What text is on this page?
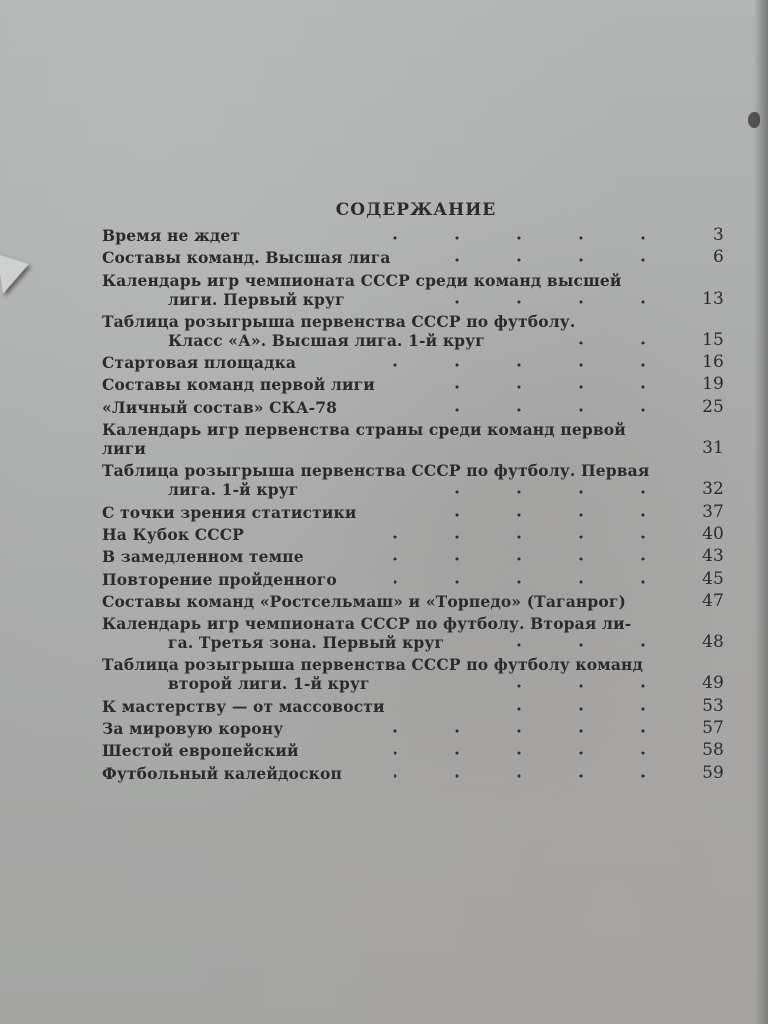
СОДЕРЖАНИЕ
Время не ждет	3
Составы команд. Высшая лига	6
Календарь игр чемпионата СССР среди команд высшей
лиги. Первый круг	13
Таблица розыгрыша первенства СССР по футболу.
Класс «А». Высшая лига. 1-й круг	15
Стартовая площадка	16
Составы команд первой лиги	19
«Личный состав» СКА-78	25
Календарь игр первенства страны среди команд первой лиги	31
Таблица розыгрыша первенства СССР по футболу. Первая
лига. 1-й круг	32
С точки зрения статистики	37
На Кубок СССР	40
В замедленном темпе	43
Повторение пройденного	45
Составы команд «Ростсельмаш» и «Торпедо» (Таганрог)	47
Календарь игр чемпионата СССР по футболу. Вторая ли-
га. Третья зона. Первый круг	48
Таблица розыгрыша первенства СССР по футболу команд
второй лиги. 1-й круг	49
К мастерству — от массовости	53
За мировую корону	57
Шестой европейский	58
Футбольный калейдоскоп	59
